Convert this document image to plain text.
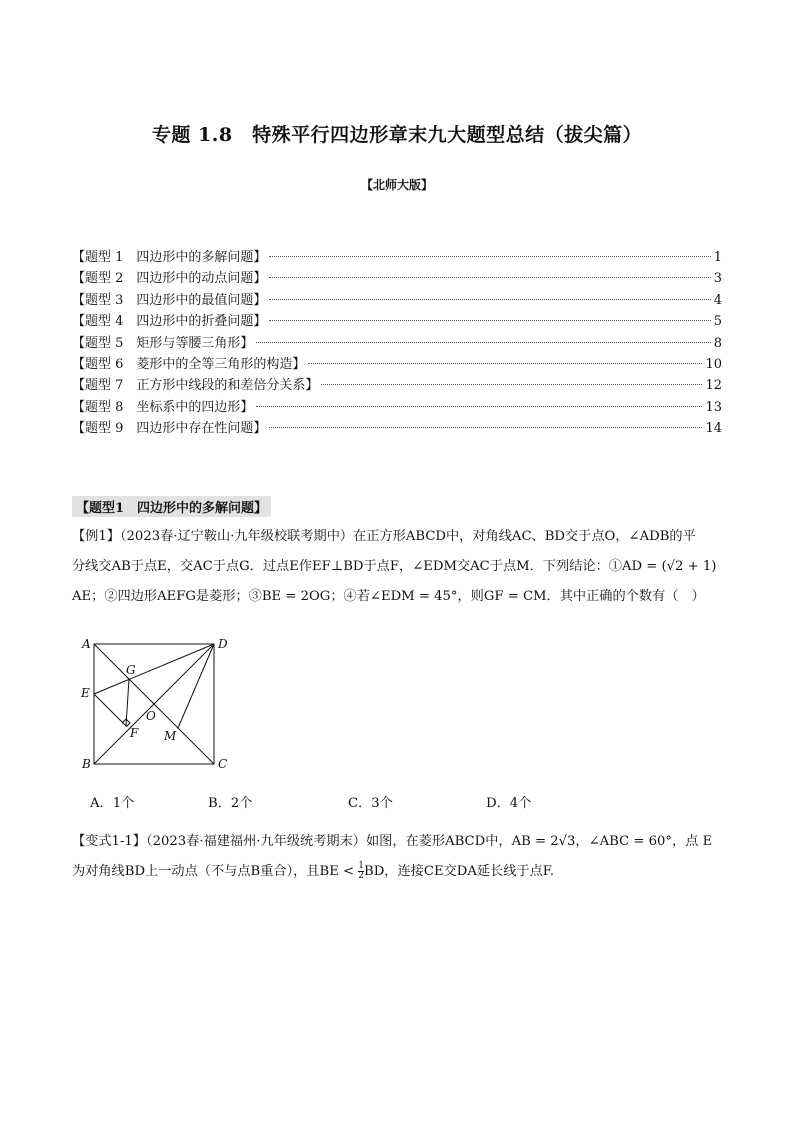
专题 1.8　特殊平行四边形章末九大题型总结（拔尖篇）
【北师大版】
【题型 1　四边形中的多解问题】	1
【题型 2　四边形中的动点问题】	3
【题型 3　四边形中的最值问题】	4
【题型 4　四边形中的折叠问题】	5
【题型 5　矩形与等腰三角形】	8
【题型 6　菱形中的全等三角形的构造】	10
【题型 7　正方形中线段的和差倍分关系】	12
【题型 8　坐标系中的四边形】	13
【题型 9　四边形中存在性问题】	14
【题型1　四边形中的多解问题】
【例1】（2023春·辽宁鞍山·九年级校联考期中）在正方形ABCD中，对角线AC、BD交于点O，∠ADB的平
分线交AB于点E，交AC于点G．过点E作EF⊥BD于点F，∠EDM交AC于点M．下列结论：①AD = (√2 + 1)
AE；②四边形AEFG是菱形；③BE = 2OG；④若∠EDM = 45°，则GF = CM．其中正确的个数有（　）
A	D
G
E
O
F M
B	C
A．1个	B．2个	C．3个	D．4个
【变式1-1】（2023春·福建福州·九年级统考期末）如图，在菱形ABCD中，AB = 2√3，∠ABC = 60°，点 E
为对角线BD上一动点（不与点B重合），且BE < $\frac{1}{2}$ BD，连接CE交DA延长线于点F.
